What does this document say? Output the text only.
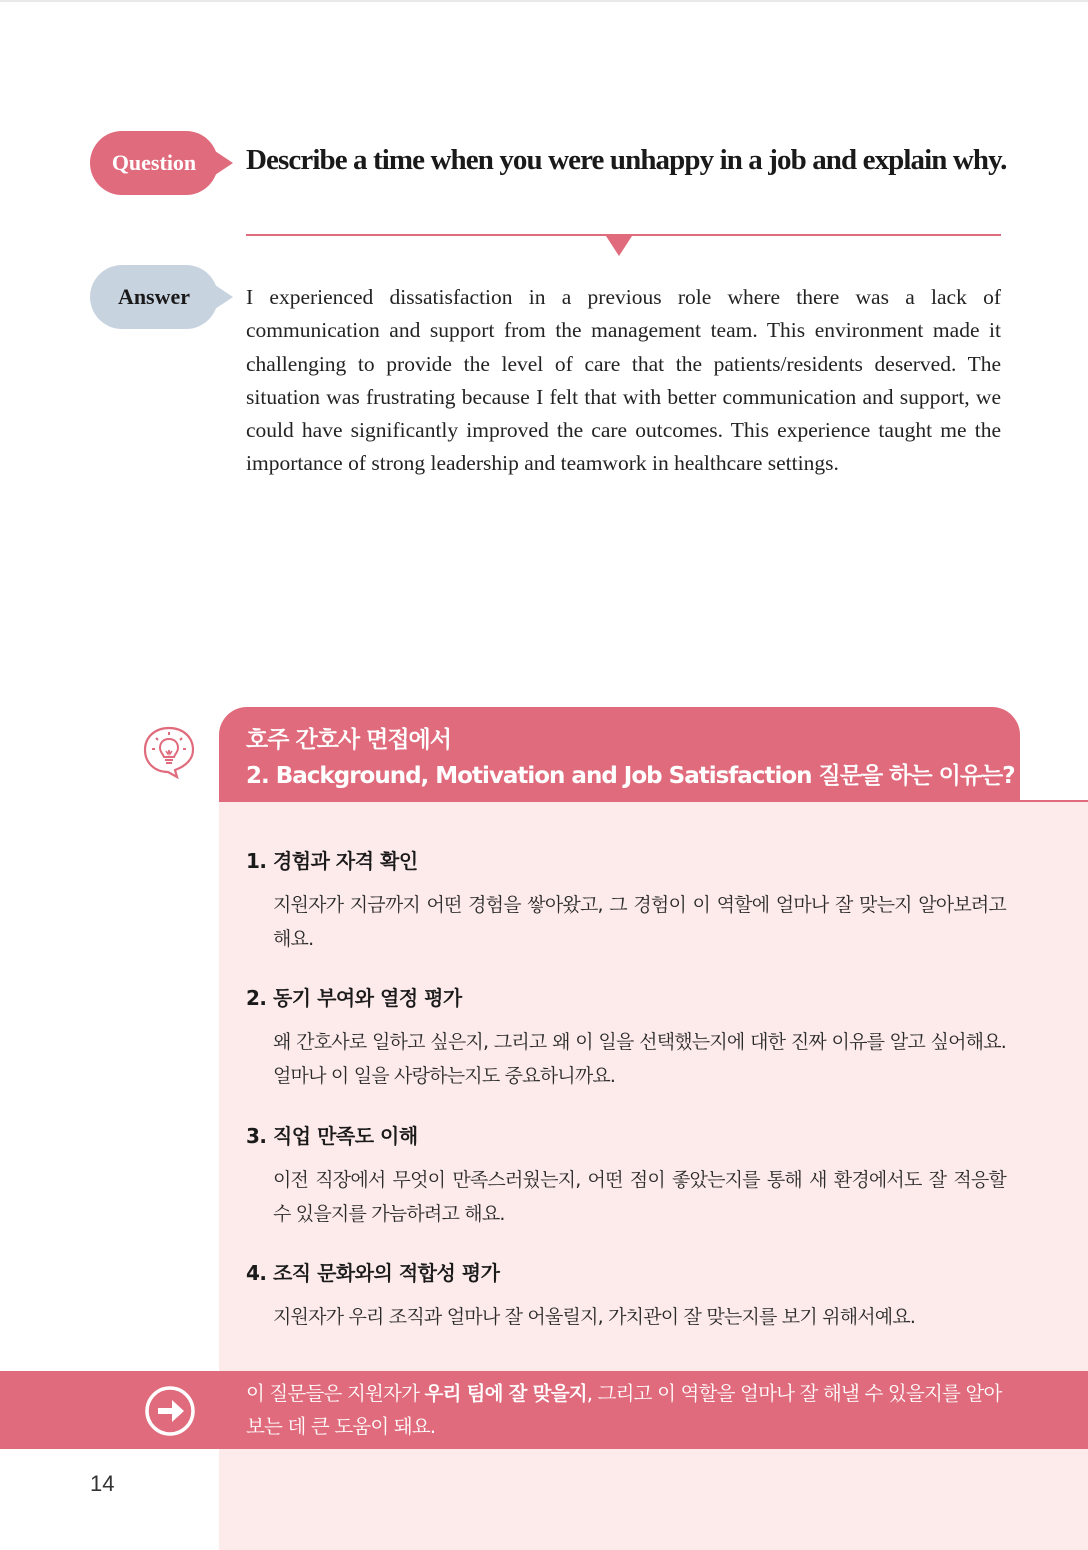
Question	Describe a time when you were unhappy in a job and explain why.
Answer	I experienced dissatisfaction in a previous role where there was a lack of communication and support from the management team. This environment made it challenging to provide the level of care that the patients/residents deserved. The situation was frustrating because I felt that with better communication and support, we could have significantly improved the care outcomes. This experience taught me the importance of strong leadership and teamwork in healthcare settings.
호주 간호사 면접에서
2. Background, Motivation and Job Satisfaction 질문을 하는 이유는?

1. 경험과 자격 확인

지원자가 지금까지 어떤 경험을 쌓아왔고, 그 경험이 이 역할에 얼마나 잘 맞는지 알아보려고 해요.

2. 동기 부여와 열정 평가

왜 간호사로 일하고 싶은지, 그리고 왜 이 일을 선택했는지에 대한 진짜 이유를 알고 싶어해요. 얼마나 이 일을 사랑하는지도 중요하니까요.

3. 직업 만족도 이해

이전 직장에서 무엇이 만족스러웠는지, 어떤 점이 좋았는지를 통해 새 환경에서도 잘 적응할 수 있을지를 가늠하려고 해요.

4. 조직 문화와의 적합성 평가

지원자가 우리 조직과 얼마나 잘 어울릴지, 가치관이 잘 맞는지를 보기 위해서예요.

이 질문들은 지원자가 우리 팀에 잘 맞을지, 그리고 이 역할을 얼마나 잘 해낼 수 있을지를 알아보는 데 큰 도움이 돼요.
14
